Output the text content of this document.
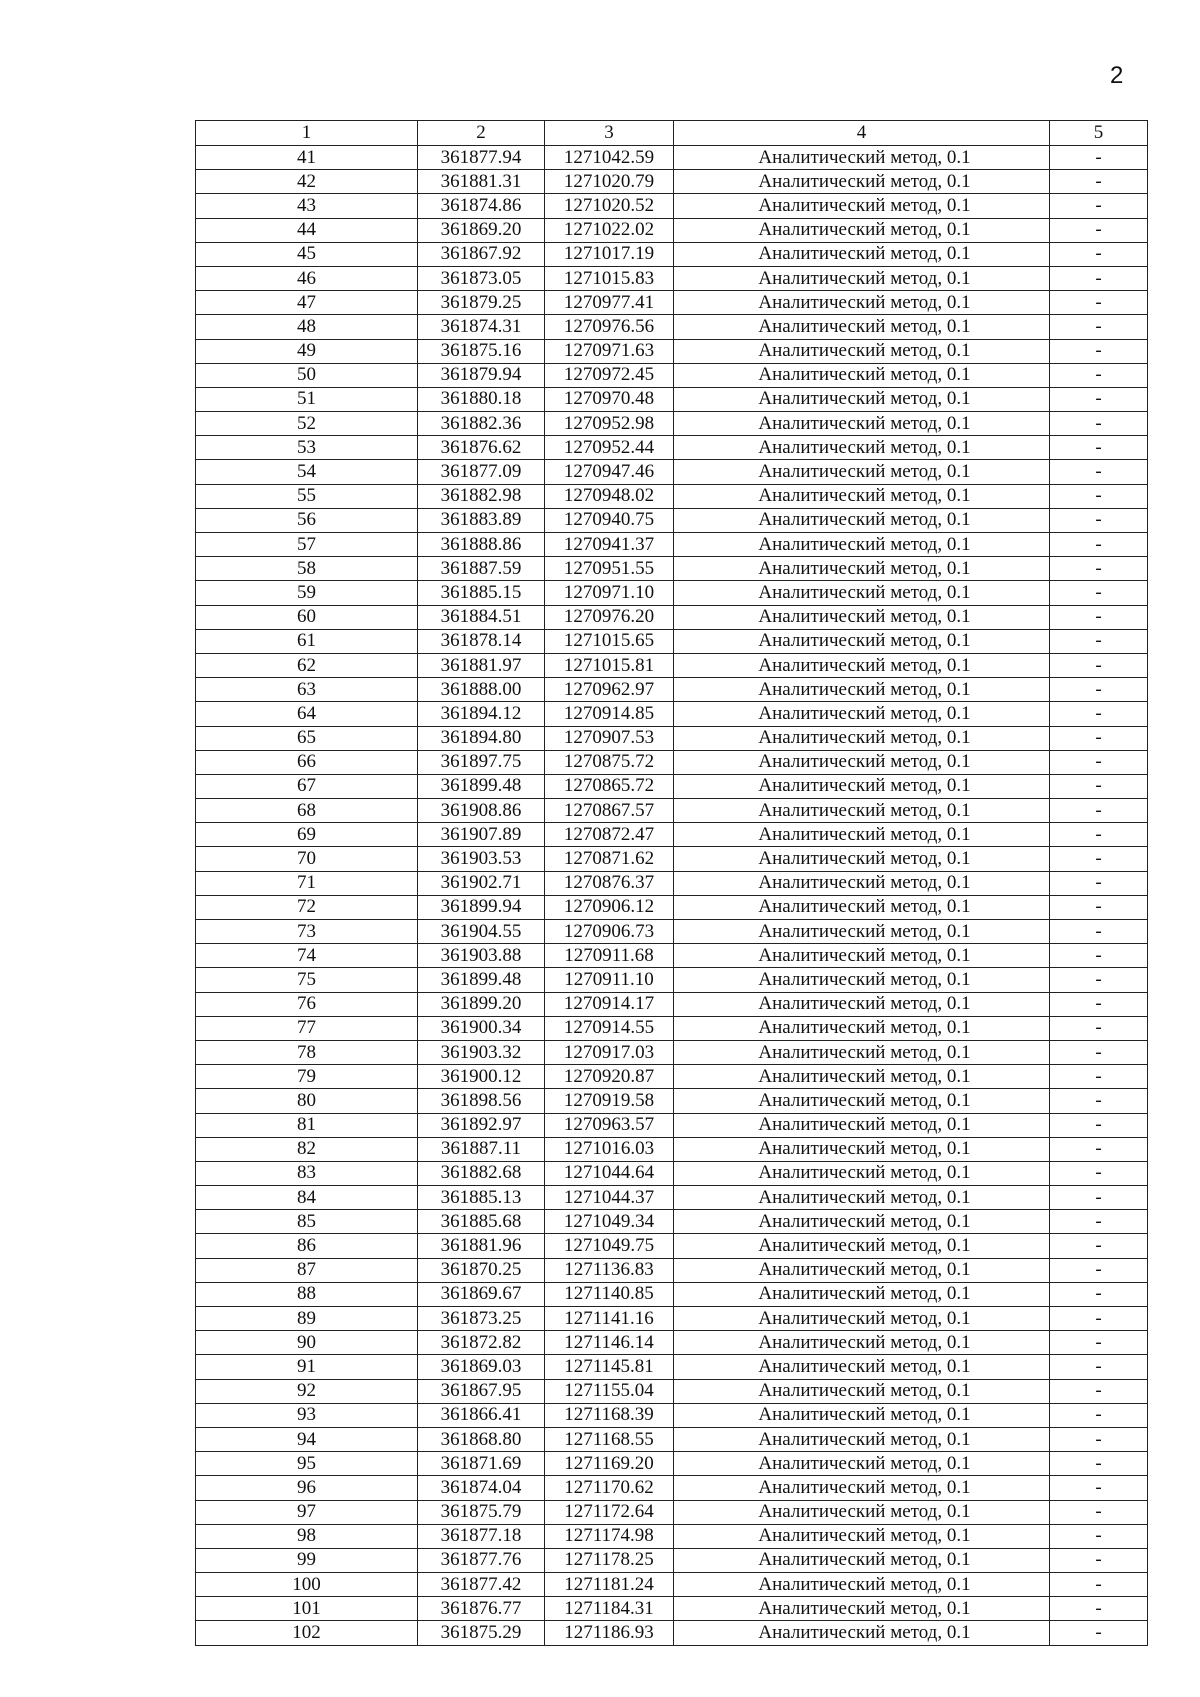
2
1	2	3	4	5
41	361877.94	1271042.59	Аналитический метод, 0.1	-
42	361881.31	1271020.79	Аналитический метод, 0.1	-
43	361874.86	1271020.52	Аналитический метод, 0.1	-
44	361869.20	1271022.02	Аналитический метод, 0.1	-
45	361867.92	1271017.19	Аналитический метод, 0.1	-
46	361873.05	1271015.83	Аналитический метод, 0.1	-
47	361879.25	1270977.41	Аналитический метод, 0.1	-
48	361874.31	1270976.56	Аналитический метод, 0.1	-
49	361875.16	1270971.63	Аналитический метод, 0.1	-
50	361879.94	1270972.45	Аналитический метод, 0.1	-
51	361880.18	1270970.48	Аналитический метод, 0.1	-
52	361882.36	1270952.98	Аналитический метод, 0.1	-
53	361876.62	1270952.44	Аналитический метод, 0.1	-
54	361877.09	1270947.46	Аналитический метод, 0.1	-
55	361882.98	1270948.02	Аналитический метод, 0.1	-
56	361883.89	1270940.75	Аналитический метод, 0.1	-
57	361888.86	1270941.37	Аналитический метод, 0.1	-
58	361887.59	1270951.55	Аналитический метод, 0.1	-
59	361885.15	1270971.10	Аналитический метод, 0.1	-
60	361884.51	1270976.20	Аналитический метод, 0.1	-
61	361878.14	1271015.65	Аналитический метод, 0.1	-
62	361881.97	1271015.81	Аналитический метод, 0.1	-
63	361888.00	1270962.97	Аналитический метод, 0.1	-
64	361894.12	1270914.85	Аналитический метод, 0.1	-
65	361894.80	1270907.53	Аналитический метод, 0.1	-
66	361897.75	1270875.72	Аналитический метод, 0.1	-
67	361899.48	1270865.72	Аналитический метод, 0.1	-
68	361908.86	1270867.57	Аналитический метод, 0.1	-
69	361907.89	1270872.47	Аналитический метод, 0.1	-
70	361903.53	1270871.62	Аналитический метод, 0.1	-
71	361902.71	1270876.37	Аналитический метод, 0.1	-
72	361899.94	1270906.12	Аналитический метод, 0.1	-
73	361904.55	1270906.73	Аналитический метод, 0.1	-
74	361903.88	1270911.68	Аналитический метод, 0.1	-
75	361899.48	1270911.10	Аналитический метод, 0.1	-
76	361899.20	1270914.17	Аналитический метод, 0.1	-
77	361900.34	1270914.55	Аналитический метод, 0.1	-
78	361903.32	1270917.03	Аналитический метод, 0.1	-
79	361900.12	1270920.87	Аналитический метод, 0.1	-
80	361898.56	1270919.58	Аналитический метод, 0.1	-
81	361892.97	1270963.57	Аналитический метод, 0.1	-
82	361887.11	1271016.03	Аналитический метод, 0.1	-
83	361882.68	1271044.64	Аналитический метод, 0.1	-
84	361885.13	1271044.37	Аналитический метод, 0.1	-
85	361885.68	1271049.34	Аналитический метод, 0.1	-
86	361881.96	1271049.75	Аналитический метод, 0.1	-
87	361870.25	1271136.83	Аналитический метод, 0.1	-
88	361869.67	1271140.85	Аналитический метод, 0.1	-
89	361873.25	1271141.16	Аналитический метод, 0.1	-
90	361872.82	1271146.14	Аналитический метод, 0.1	-
91	361869.03	1271145.81	Аналитический метод, 0.1	-
92	361867.95	1271155.04	Аналитический метод, 0.1	-
93	361866.41	1271168.39	Аналитический метод, 0.1	-
94	361868.80	1271168.55	Аналитический метод, 0.1	-
95	361871.69	1271169.20	Аналитический метод, 0.1	-
96	361874.04	1271170.62	Аналитический метод, 0.1	-
97	361875.79	1271172.64	Аналитический метод, 0.1	-
98	361877.18	1271174.98	Аналитический метод, 0.1	-
99	361877.76	1271178.25	Аналитический метод, 0.1	-
100	361877.42	1271181.24	Аналитический метод, 0.1	-
101	361876.77	1271184.31	Аналитический метод, 0.1	-
102	361875.29	1271186.93	Аналитический метод, 0.1	-
